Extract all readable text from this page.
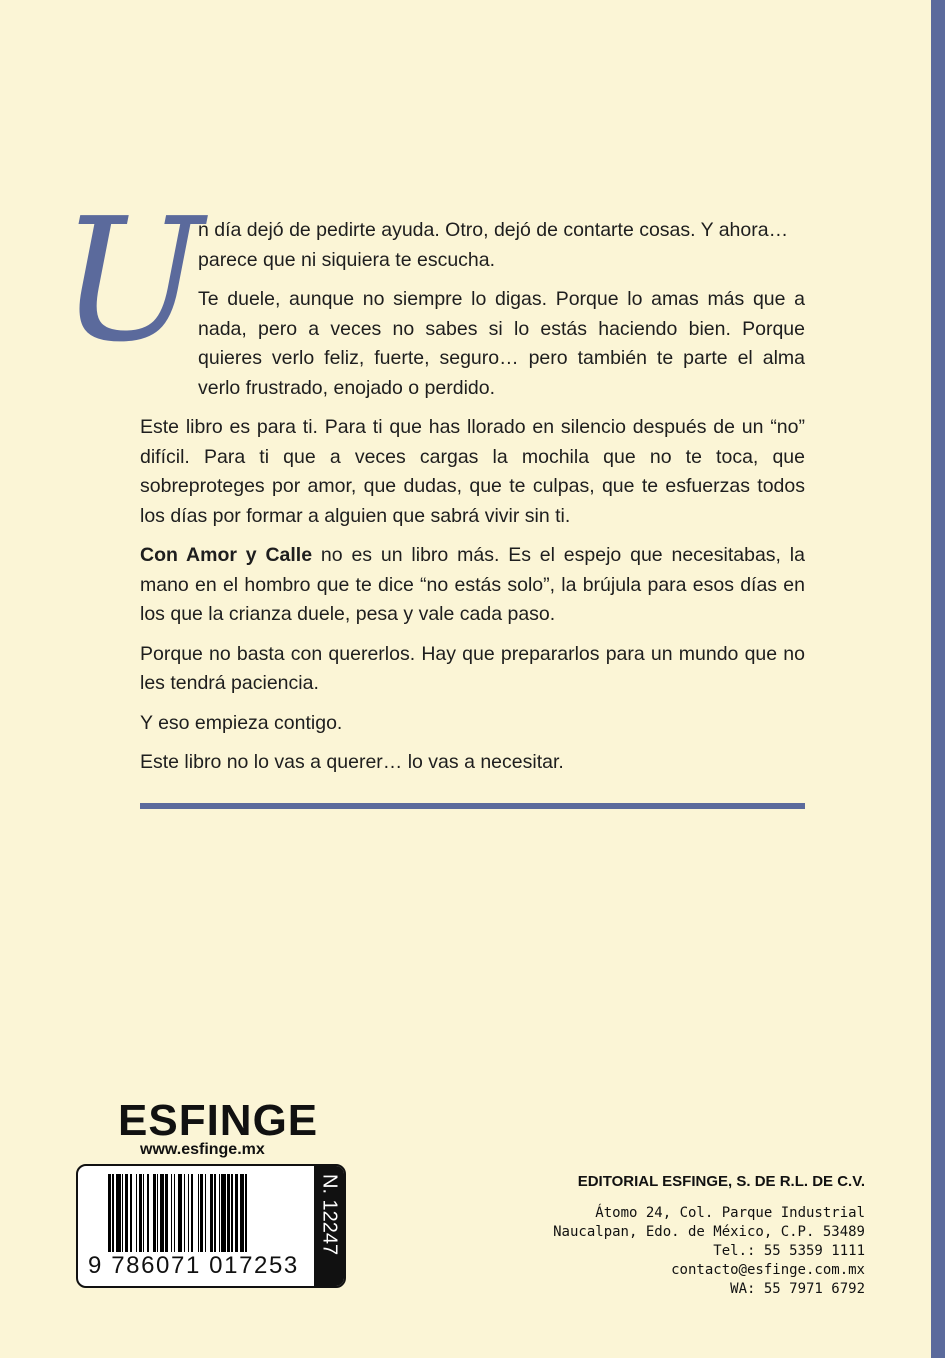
U

n día dejó de pedirte ayuda. Otro, dejó de contarte cosas. Y ahora… parece que ni siquiera te escucha.

Te duele, aunque no siempre lo digas. Porque lo amas más que a nada, pero a veces no sabes si lo estás haciendo bien. Porque quieres verlo feliz, fuerte, seguro… pero también te parte el alma verlo frustrado, enojado o perdido.

Este libro es para ti. Para ti que has llorado en silencio después de un “no” difícil. Para ti que a veces cargas la mochila que no te toca, que sobreproteges por amor, que dudas, que te culpas, que te esfuerzas todos los días por formar a alguien que sabrá vivir sin ti.

Con Amor y Calle no es un libro más. Es el espejo que necesitabas, la mano en el hombro que te dice “no estás solo”, la brújula para esos días en los que la crianza duele, pesa y vale cada paso.

Porque no basta con quererlos. Hay que prepararlos para un mundo que no les tendrá paciencia.

Y eso empieza contigo.

Este libro no lo vas a querer… lo vas a necesitar.

ESFINGE
www.esfinge.mx
9 786071 017253
N. 12247	EDITORIAL ESFINGE, S. DE R.L. DE C.V.
Átomo 24, Col. Parque Industrial
Naucalpan, Edo. de México, C.P. 53489
Tel.: 55 5359 1111
contacto@esfinge.com.mx
WA: 55 7971 6792
